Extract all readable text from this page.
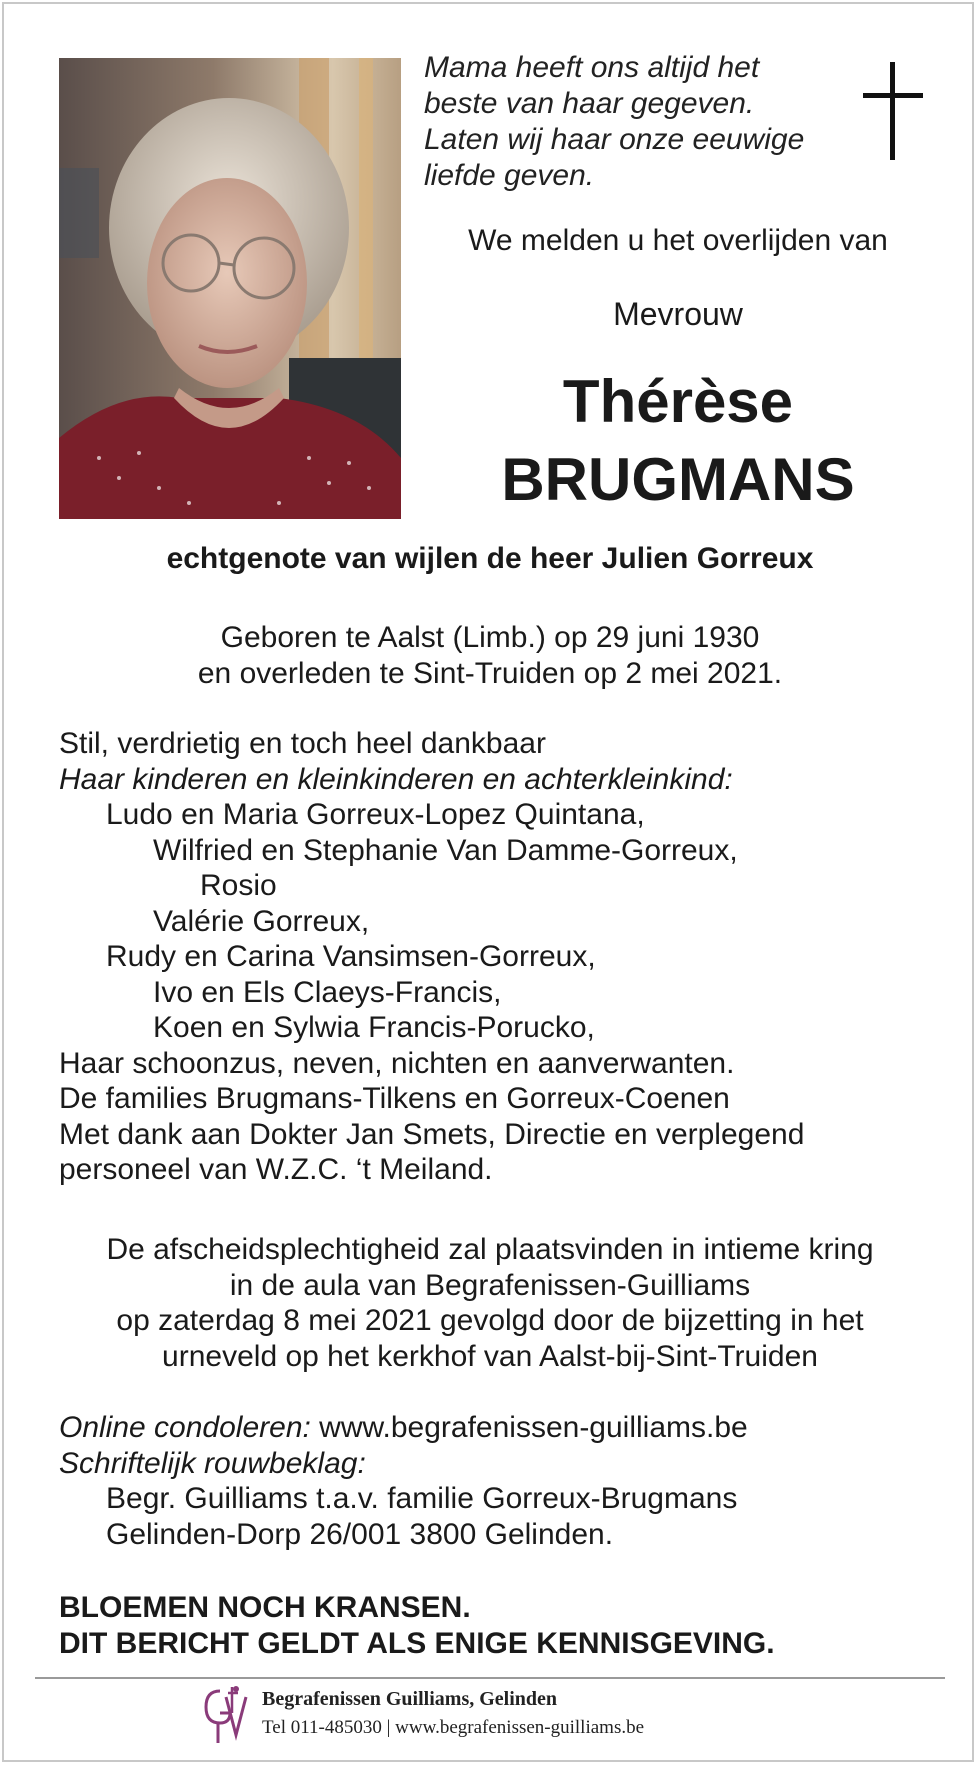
Mama heeft ons altijd het
beste van haar gegeven.
Laten wij haar onze eeuwige
liefde geven.
We melden u het overlijden van
Mevrouw
Thérèse
BRUGMANS
echtgenote van wijlen de heer Julien Gorreux
Geboren te Aalst (Limb.) op 29 juni 1930
en overleden te Sint-Truiden op 2 mei 2021.
Stil, verdrietig en toch heel dankbaar
Haar kinderen en kleinkinderen en achterkleinkind:
Ludo en Maria Gorreux-Lopez Quintana,
Wilfried en Stephanie Van Damme-Gorreux,
Rosio
Valérie Gorreux,
Rudy en Carina Vansimsen-Gorreux,
Ivo en Els Claeys-Francis,
Koen en Sylwia Francis-Porucko,
Haar schoonzus, neven, nichten en aanverwanten.
De families Brugmans-Tilkens en Gorreux-Coenen
Met dank aan Dokter Jan Smets, Directie en verplegend
personeel van W.Z.C. ‘t Meiland.
De afscheidsplechtigheid zal plaatsvinden in intieme kring
in de aula van Begrafenissen-Guilliams
op zaterdag 8 mei 2021 gevolgd door de bijzetting in het
urneveld op het kerkhof van Aalst-bij-Sint-Truiden
Online condoleren: www.begrafenissen-guilliams.be
Schriftelijk rouwbeklag:
Begr. Guilliams t.a.v. familie Gorreux-Brugmans
Gelinden-Dorp 26/001 3800 Gelinden.
BLOEMEN NOCH KRANSEN.
DIT BERICHT GELDT ALS ENIGE KENNISGEVING.
Begrafenissen Guilliams, Gelinden
Tel 011-485030 | www.begrafenissen-guilliams.be
